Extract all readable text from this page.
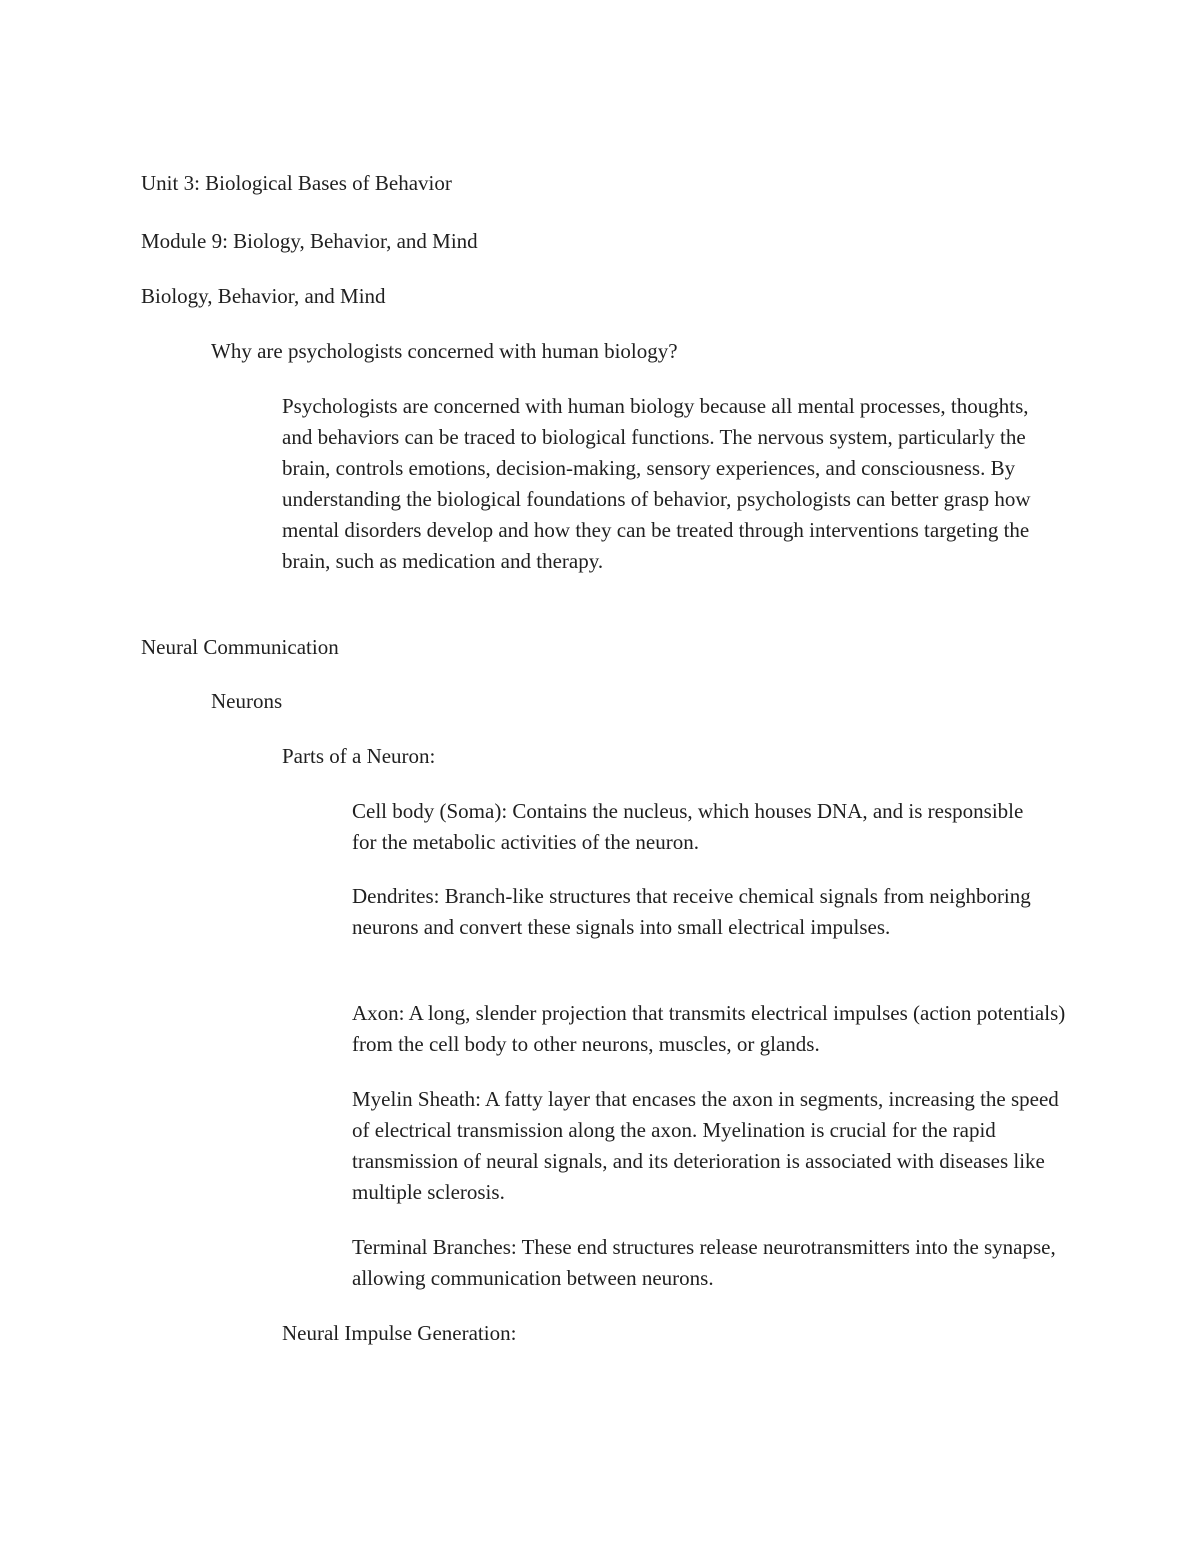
Unit 3: Biological Bases of Behavior

Module 9: Biology, Behavior, and Mind

Biology, Behavior, and Mind

Why are psychologists concerned with human biology?

Psychologists are concerned with human biology because all mental processes, thoughts, and behaviors can be traced to biological functions. The nervous system, particularly the brain, controls emotions, decision-making, sensory experiences, and consciousness. By understanding the biological foundations of behavior, psychologists can better grasp how mental disorders develop and how they can be treated through interventions targeting the brain, such as medication and therapy.

Neural Communication

Neurons

Parts of a Neuron:

Cell body (Soma): Contains the nucleus, which houses DNA, and is responsible for the metabolic activities of the neuron.

Dendrites: Branch-like structures that receive chemical signals from neighboring neurons and convert these signals into small electrical impulses.

Axon: A long, slender projection that transmits electrical impulses (action potentials) from the cell body to other neurons, muscles, or glands.

Myelin Sheath: A fatty layer that encases the axon in segments, increasing the speed of electrical transmission along the axon. Myelination is crucial for the rapid transmission of neural signals, and its deterioration is associated with diseases like multiple sclerosis.

Terminal Branches: These end structures release neurotransmitters into the synapse, allowing communication between neurons.

Neural Impulse Generation:
